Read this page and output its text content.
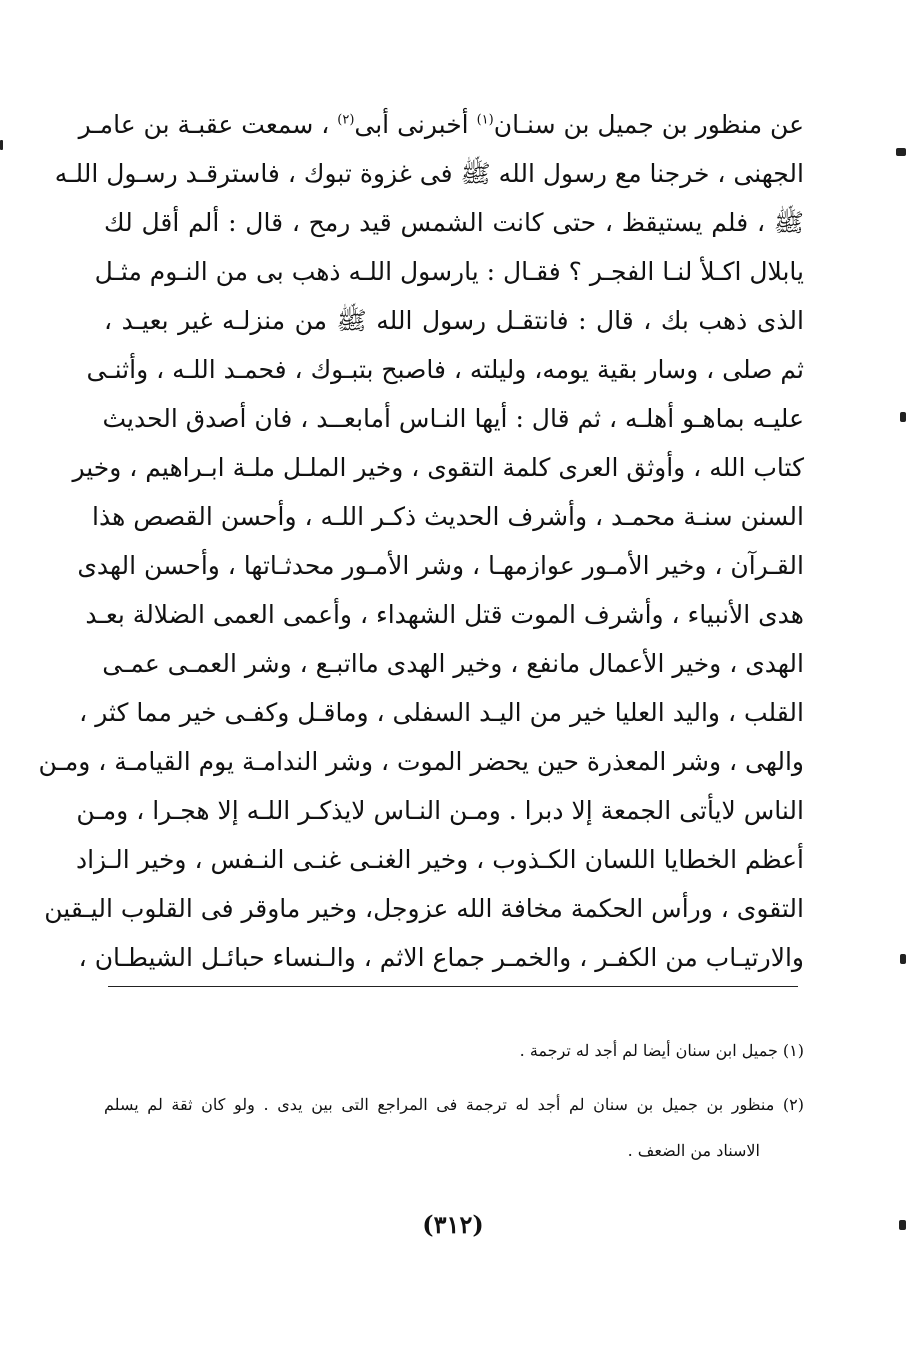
عن منظور بن جميل بن سنـان$^{(١)}$ أخبرنى أبى$^{(٢)}$ ، سمعت عقبـة بن عامـر
الجهنى ، خرجنا مع رسول الله ﷺ فى غزوة تبوك ، فاسترقـد رسـول اللـه
ﷺ ، فلم يستيقظ ، حتى كانت الشمس قيد رمح ، قال : ألم أقل لك
يابلال اكـلأ لنـا الفجـر ؟ فقـال : يارسول اللـه ذهب بى من النـوم مثـل
الذى ذهب بك ، قال : فانتقـل رسول الله ﷺ من منزلـه غير بعيـد ،
ثم صلى ، وسار بقية يومه، وليلته ، فاصبح بتبـوك ، فحمـد اللـه ، وأثنـى
عليـه بماهـو أهلـه ، ثم قال : أيها النـاس أمابعــد ، فان أصدق الحديث
كتاب الله ، وأوثق العرى كلمة التقوى ، وخير الملـل ملـة ابـراهيم ، وخير
السنن سنـة محمـد ، وأشرف الحديث ذكـر اللـه ، وأحسن القصص هذا
القـرآن ، وخير الأمـور عوازمهـا ، وشر الأمـور محدثـاتها ، وأحسن الهدى
هدى الأنبياء ، وأشرف الموت قتل الشهداء ، وأعمى العمى الضلالة بعـد
الهدى ، وخير الأعمال مانفع ، وخير الهدى مااتبـع ، وشر العمـى عمـى
القلب ، واليد العليا خير من اليـد السفلى ، وماقـل وكفـى خير مما كثر ،
والهى ، وشر المعذرة حين يحضر الموت ، وشر الندامـة يوم القيامـة ، ومـن
الناس لايأتى الجمعة إلا دبرا . ومـن النـاس لايذكـر اللـه إلا هجـرا ، ومـن
أعظم الخطايا اللسان الكـذوب ، وخير الغنـى غنـى النـفس ، وخير الـزاد
التقوى ، ورأس الحكمة مخافة الله عزوجل، وخير ماوقر فى القلوب اليـقين
والارتيـاب من الكفـر ، والخمـر جماع الاثم ، والـنساء حبائـل الشيطـان ،
(١) جميل ابن سنان أيضا لم أجد له ترجمة .
(٢) منظور بن جميل بن سنان لم أجد له ترجمة فى المراجع التى بين يدى . ولو كان ثقة لم يسلم
الاسناد من الضعف .
(٣١٢)
